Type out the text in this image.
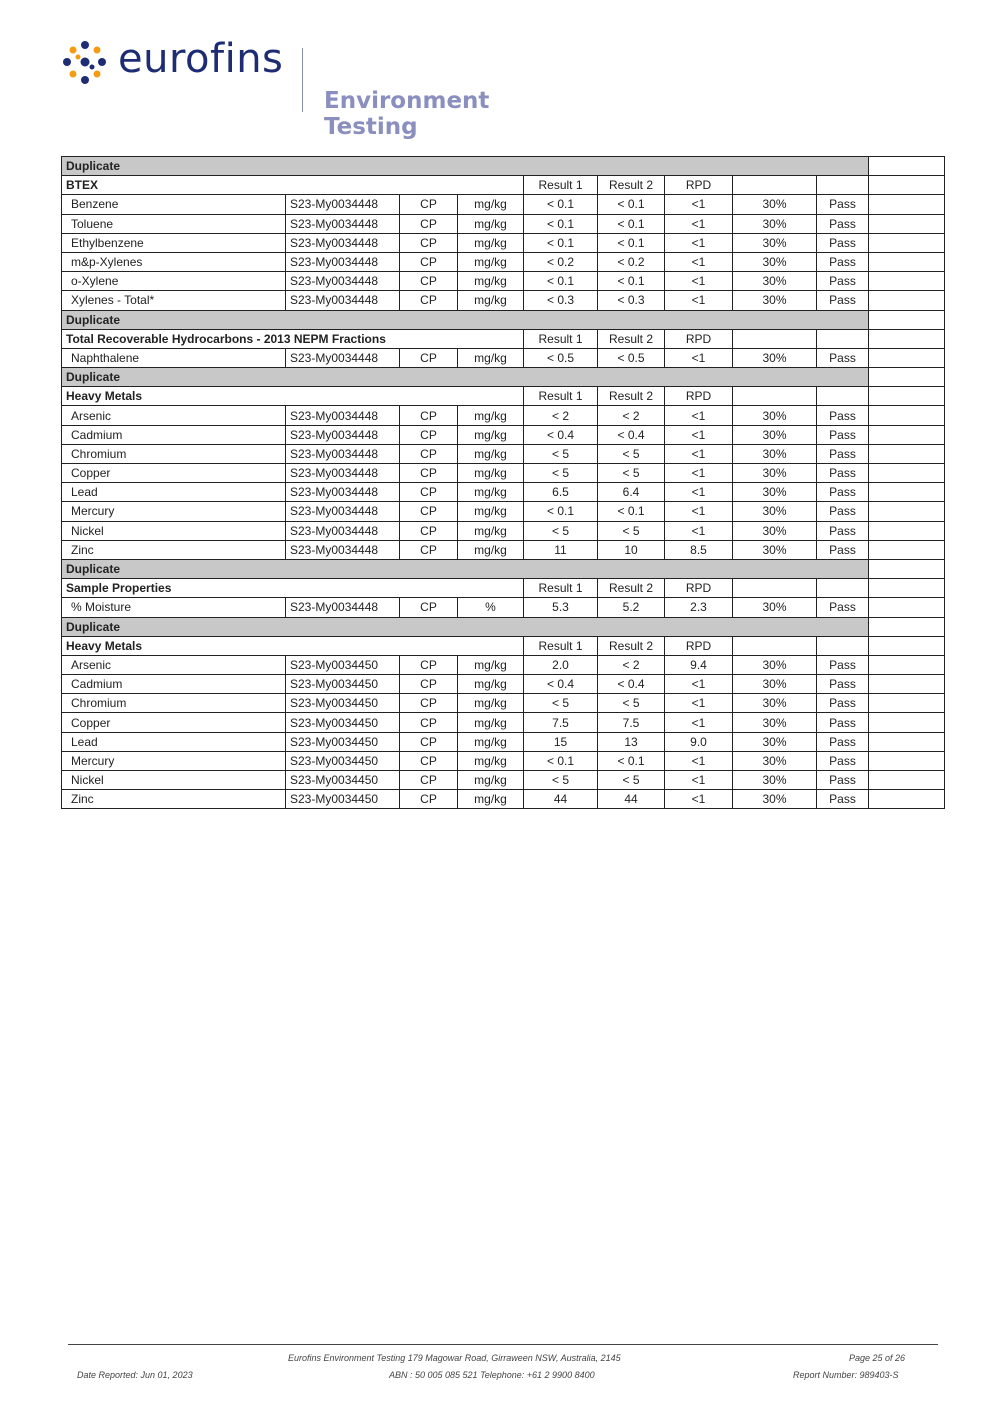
eurofins
Environment Testing
Duplicate									
BTEX				Result 1	Result 2	RPD			
Benzene	S23-My0034448	CP	mg/kg	< 0.1	< 0.1	<1	30%	Pass	
Toluene	S23-My0034448	CP	mg/kg	< 0.1	< 0.1	<1	30%	Pass	
Ethylbenzene	S23-My0034448	CP	mg/kg	< 0.1	< 0.1	<1	30%	Pass	
m&p-Xylenes	S23-My0034448	CP	mg/kg	< 0.2	< 0.2	<1	30%	Pass	
o-Xylene	S23-My0034448	CP	mg/kg	< 0.1	< 0.1	<1	30%	Pass	
Xylenes - Total*	S23-My0034448	CP	mg/kg	< 0.3	< 0.3	<1	30%	Pass	
Duplicate									
Total Recoverable Hydrocarbons - 2013 NEPM Fractions				Result 1	Result 2	RPD			
Naphthalene	S23-My0034448	CP	mg/kg	< 0.5	< 0.5	<1	30%	Pass	
Duplicate									
Heavy Metals				Result 1	Result 2	RPD			
Arsenic	S23-My0034448	CP	mg/kg	< 2	< 2	<1	30%	Pass	
Cadmium	S23-My0034448	CP	mg/kg	< 0.4	< 0.4	<1	30%	Pass	
Chromium	S23-My0034448	CP	mg/kg	< 5	< 5	<1	30%	Pass	
Copper	S23-My0034448	CP	mg/kg	< 5	< 5	<1	30%	Pass	
Lead	S23-My0034448	CP	mg/kg	6.5	6.4	<1	30%	Pass	
Mercury	S23-My0034448	CP	mg/kg	< 0.1	< 0.1	<1	30%	Pass	
Nickel	S23-My0034448	CP	mg/kg	< 5	< 5	<1	30%	Pass	
Zinc	S23-My0034448	CP	mg/kg	11	10	8.5	30%	Pass	
Duplicate									
Sample Properties				Result 1	Result 2	RPD			
% Moisture	S23-My0034448	CP	%	5.3	5.2	2.3	30%	Pass	
Duplicate									
Heavy Metals				Result 1	Result 2	RPD			
Arsenic	S23-My0034450	CP	mg/kg	2.0	< 2	9.4	30%	Pass	
Cadmium	S23-My0034450	CP	mg/kg	< 0.4	< 0.4	<1	30%	Pass	
Chromium	S23-My0034450	CP	mg/kg	< 5	< 5	<1	30%	Pass	
Copper	S23-My0034450	CP	mg/kg	7.5	7.5	<1	30%	Pass	
Lead	S23-My0034450	CP	mg/kg	15	13	9.0	30%	Pass	
Mercury	S23-My0034450	CP	mg/kg	< 0.1	< 0.1	<1	30%	Pass	
Nickel	S23-My0034450	CP	mg/kg	< 5	< 5	<1	30%	Pass	
Zinc	S23-My0034450	CP	mg/kg	44	44	<1	30%	Pass	
Eurofins Environment Testing 179 Magowar Road, Girraween NSW, Australia, 2145
Date Reported: Jun 01, 2023	ABN : 50 005 085 521 Telephone: +61 2 9900 8400
Page 25 of 26
Report Number: 989403-S
